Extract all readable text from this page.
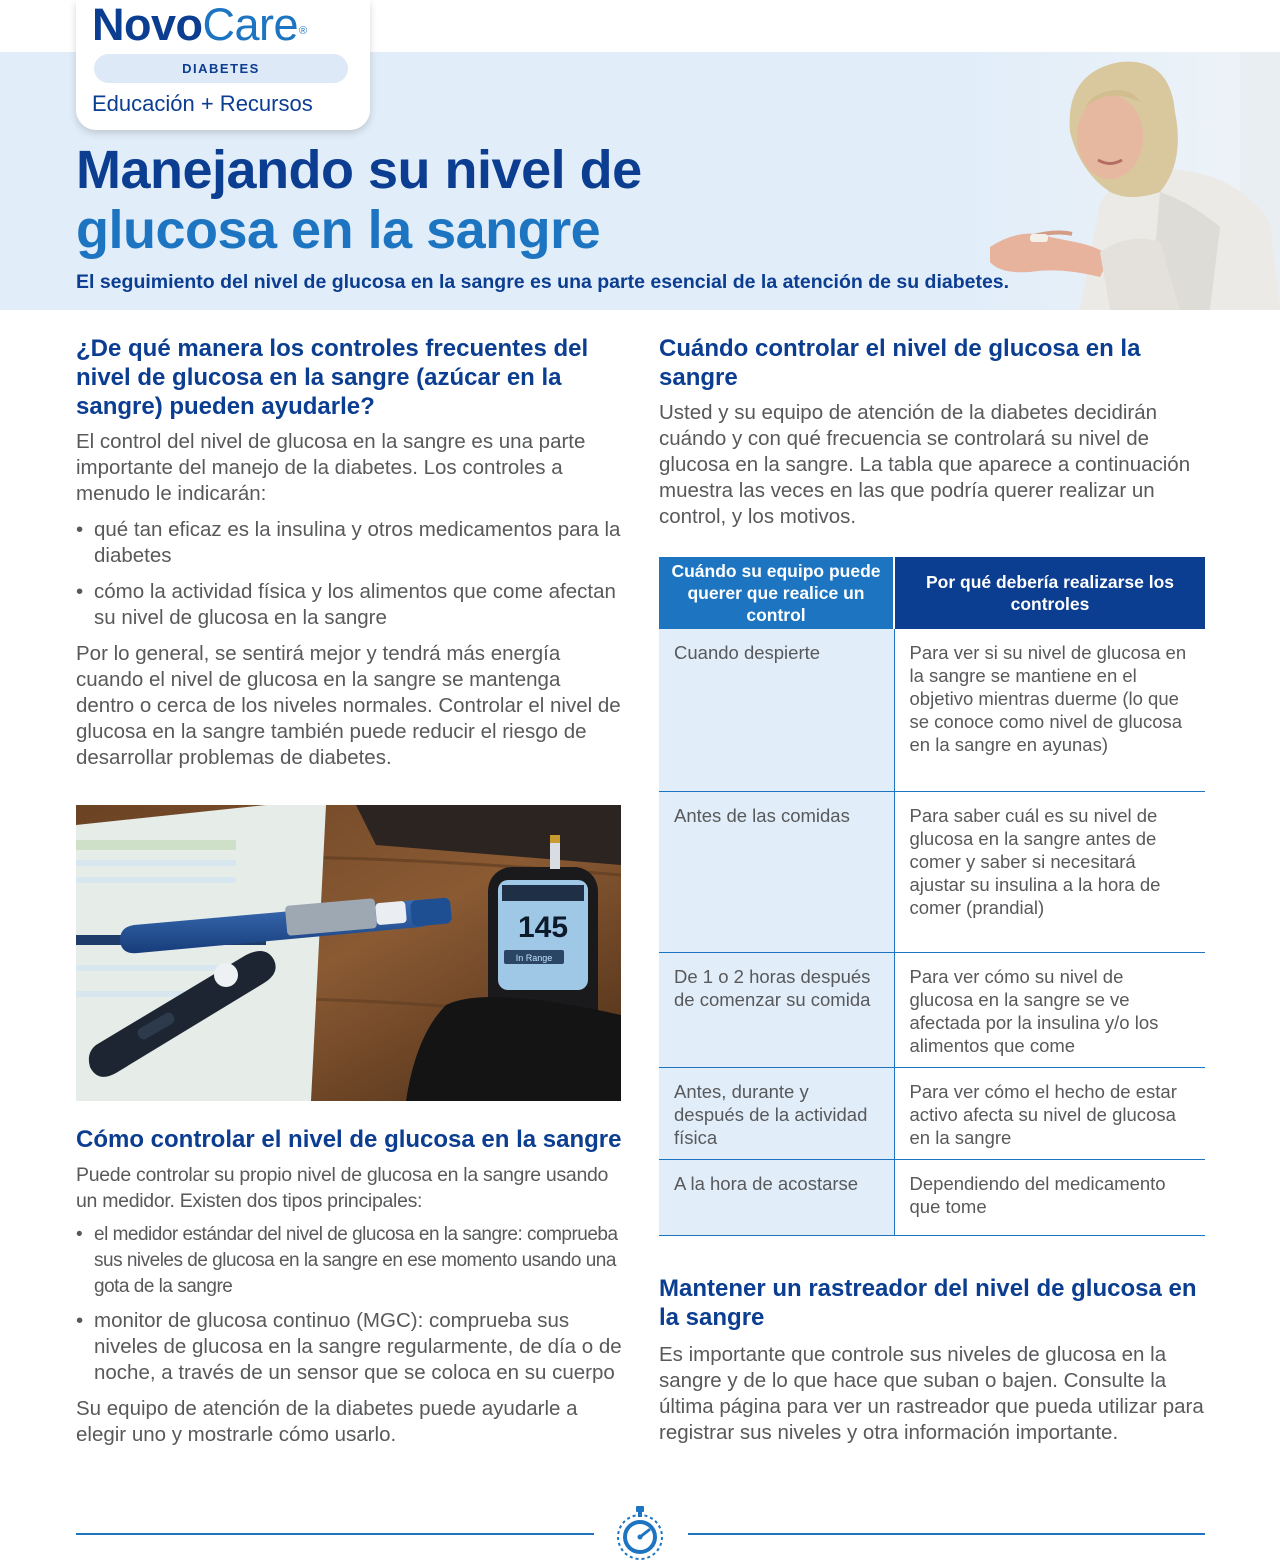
NovoCare®
DIABETES
Educación + Recursos
Manejando su nivel de
glucosa en la sangre
El seguimiento del nivel de glucosa en la sangre es una parte esencial de la atención de su diabetes.
¿De qué manera los controles frecuentes del nivel de glucosa en la sangre (azúcar en la sangre) pueden ayudarle?

El control del nivel de glucosa en la sangre es una parte importante del manejo de la diabetes. Los controles a menudo le indicarán:

• qué tan eficaz es la insulina y otros medicamentos para la diabetes
• cómo la actividad física y los alimentos que come afectan su nivel de glucosa en la sangre

Por lo general, se sentirá mejor y tendrá más energía cuando el nivel de glucosa en la sangre se mantenga dentro o cerca de los niveles normales. Controlar el nivel de glucosa en la sangre también puede reducir el riesgo de desarrollar problemas de diabetes.

145
In Range
Cómo controlar el nivel de glucosa en la sangre

Puede controlar su propio nivel de glucosa en la sangre usando un medidor. Existen dos tipos principales:

• el medidor estándar del nivel de glucosa en la sangre: comprueba sus niveles de glucosa en la sangre en ese momento usando una gota de la sangre
• monitor de glucosa continuo (MGC): comprueba sus niveles de glucosa en la sangre regularmente, de día o de noche, a través de un sensor que se coloca en su cuerpo

Su equipo de atención de la diabetes puede ayudarle a elegir uno y mostrarle cómo usarlo.

Cuándo controlar el nivel de glucosa en la sangre

Usted y su equipo de atención de la diabetes decidirán cuándo y con qué frecuencia se controlará su nivel de glucosa en la sangre. La tabla que aparece a continuación muestra las veces en las que podría querer realizar un control, y los motivos.

Cuándo su equipo puede querer que realice un control	Por qué debería realizarse los controles
Cuando despierte	Para ver si su nivel de glucosa en la sangre se mantiene en el objetivo mientras duerme (lo que se conoce como nivel de glucosa en la sangre en ayunas)
Antes de las comidas	Para saber cuál es su nivel de glucosa en la sangre antes de comer y saber si necesitará ajustar su insulina a la hora de comer (prandial)
De 1 o 2 horas después de comenzar su comida	Para ver cómo su nivel de glucosa en la sangre se ve afectada por la insulina y/o los alimentos que come
Antes, durante y después de la actividad física	Para ver cómo el hecho de estar activo afecta su nivel de glucosa en la sangre
A la hora de acostarse	Dependiendo del medicamento que tome
Mantener un rastreador del nivel de glucosa en la sangre

Es importante que controle sus niveles de glucosa en la sangre y de lo que hace que suban o bajen. Consulte la última página para ver un rastreador que pueda utilizar para registrar sus niveles y otra información importante.
